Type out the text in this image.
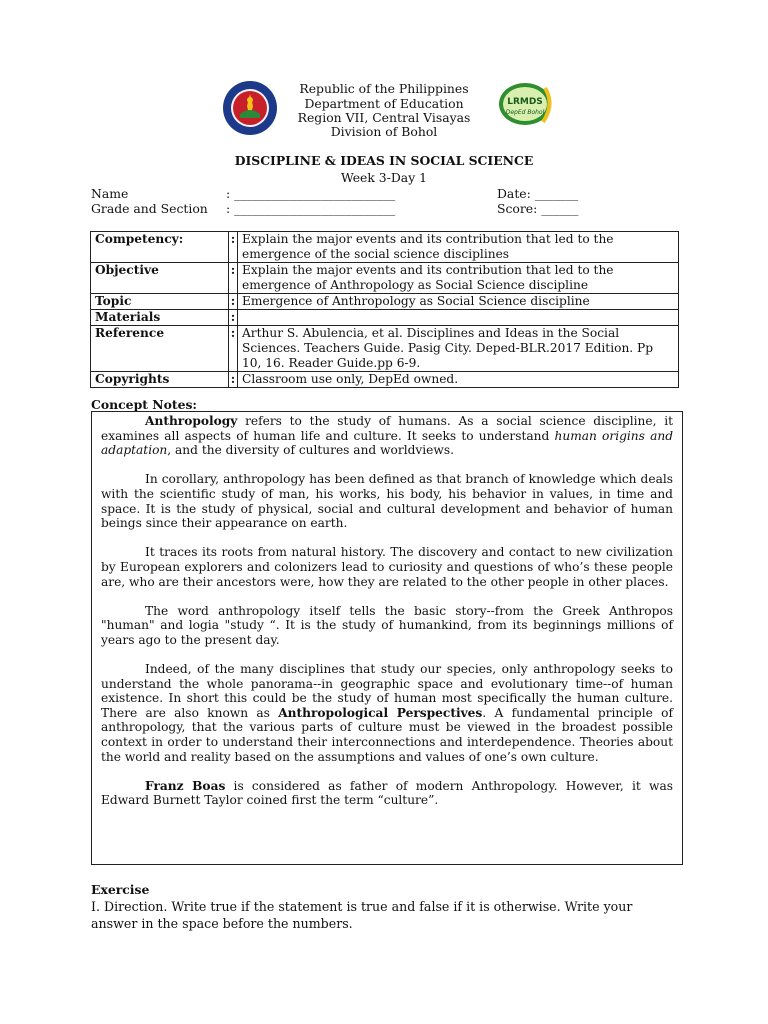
LRMDS
DepEd Bohol
Republic of the Philippines
Department of Education
Region VII, Central Visayas
Division of Bohol
DISCIPLINE & IDEAS IN SOCIAL SCIENCE
Week 3-Day 1
Name	: __________________________	Date: _______
Grade and Section : __________________________	Score: ______
Competency:	:	Explain the major events and its contribution that led to the emergence of the social science disciplines
Objective	:	Explain the major events and its contribution that led to the emergence of Anthropology as Social Science discipline
Topic	:	Emergence of Anthropology as Social Science discipline
Materials	:	
Reference	:	Arthur S. Abulencia, et al. Disciplines and Ideas in the Social Sciences. Teachers Guide. Pasig City. Deped-BLR.2017 Edition. Pp 10, 16. Reader Guide.pp 6-9.
Copyrights	:	Classroom use only, DepEd owned.
Concept Notes:

Anthropology refers to the study of humans. As a social science discipline, it examines all aspects of human life and culture. It seeks to understand human origins and adaptation, and the diversity of cultures and worldviews.

In corollary, anthropology has been defined as that branch of knowledge which deals with the scientific study of man, his works, his body, his behavior in values, in time and space. It is the study of physical, social and cultural development and behavior of human beings since their appearance on earth.

It traces its roots from natural history. The discovery and contact to new civilization by European explorers and colonizers lead to curiosity and questions of who’s these people are, who are their ancestors were, how they are related to the other people in other places.

The word anthropology itself tells the basic story--from the Greek Anthropos "human" and logia "study “. It is the study of humankind, from its beginnings millions of years ago to the present day.

Indeed, of the many disciplines that study our species, only anthropology seeks to understand the whole panorama--in geographic space and evolutionary time--of human existence. In short this could be the study of human most specifically the human culture. There are also known as Anthropological Perspectives. A fundamental principle of anthropology, that the various parts of culture must be viewed in the broadest possible context in order to understand their interconnections and interdependence. Theories about the world and reality based on the assumptions and values of one’s own culture.

Franz Boas is considered as father of modern Anthropology. However, it was Edward Burnett Taylor coined first the term “culture”.

Exercise
I. Direction. Write true if the statement is true and false if it is otherwise. Write your answer in the space before the numbers.
